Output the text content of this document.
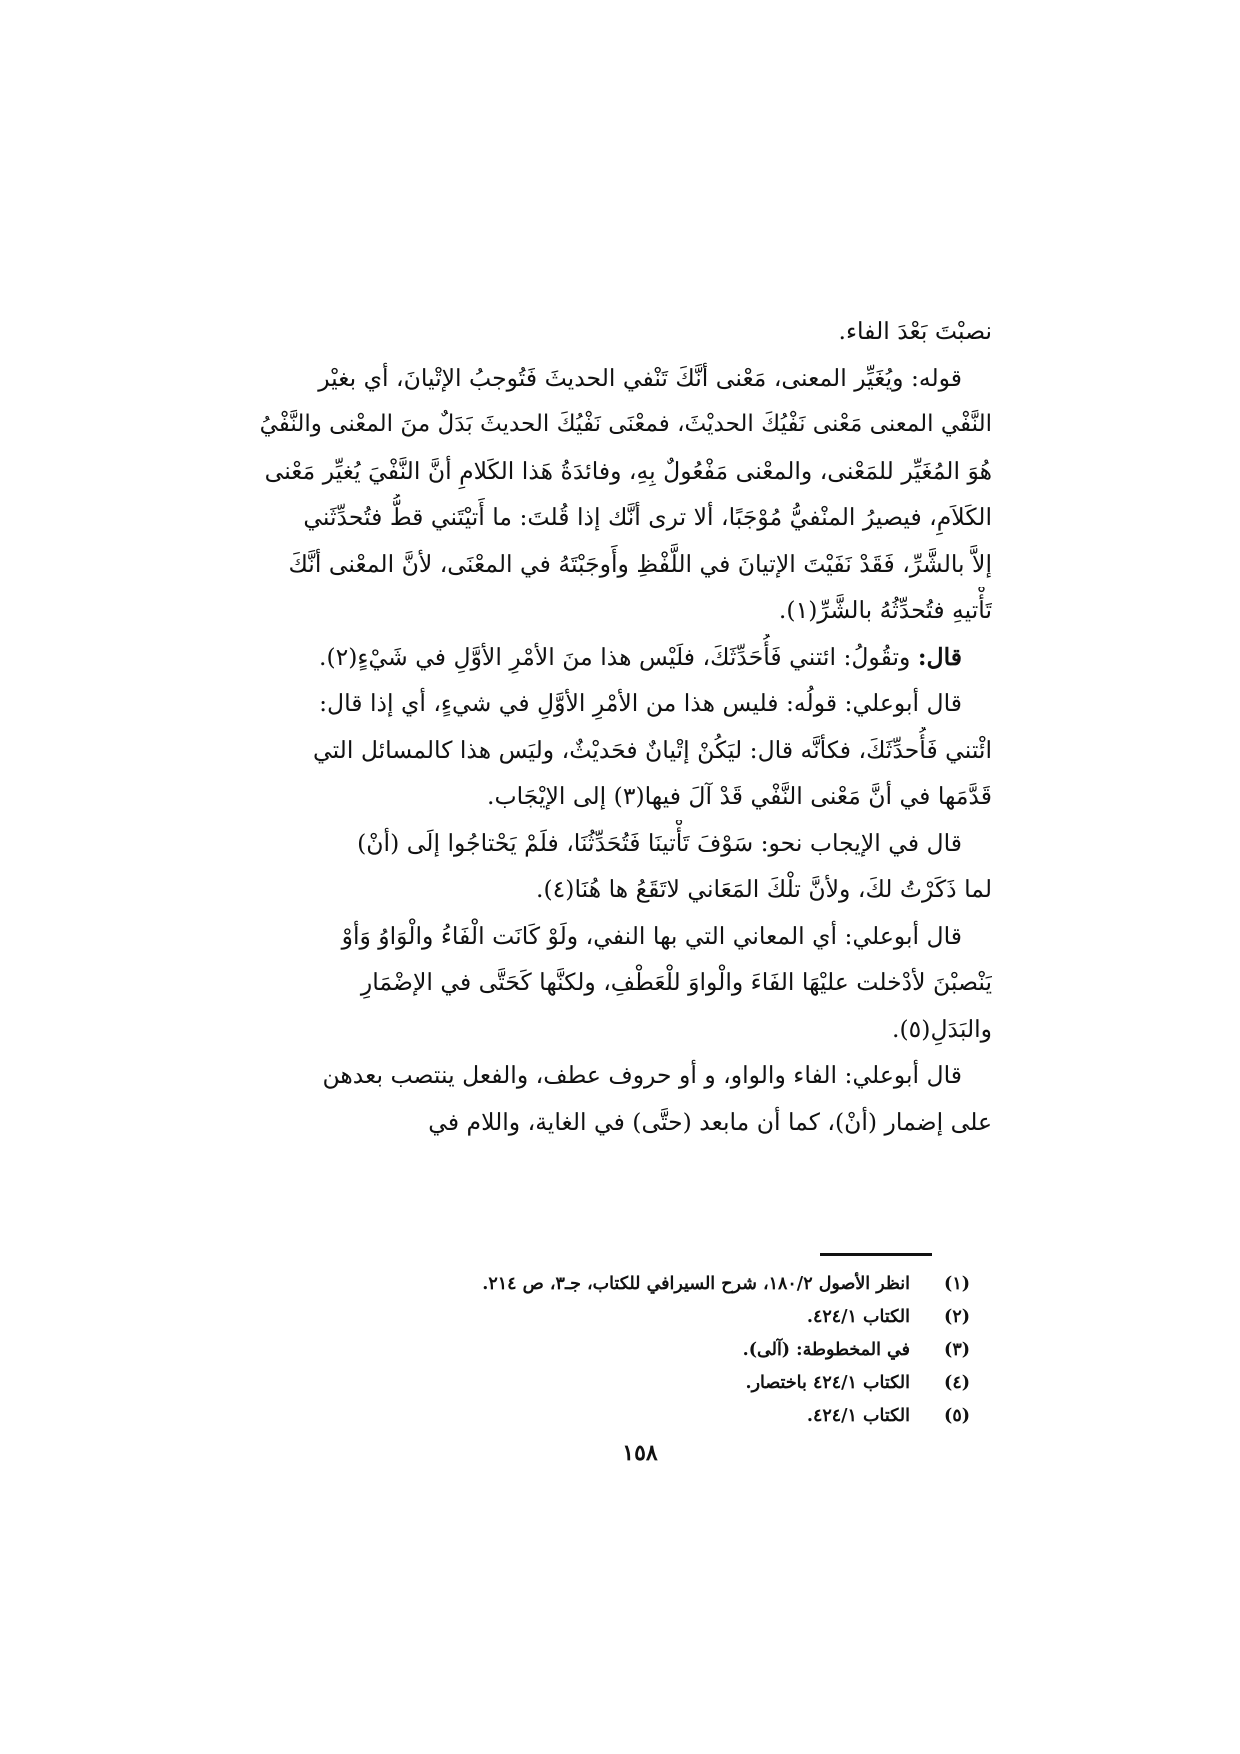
نصبْتَ بَعْدَ الفاء.
قوله: ويُغَيِّر المعنى، مَعْنى أنَّكَ تَنْفي الحديثَ فَتُوجبُ الإتْيانَ، أي بغيْر
النَّفْي المعنى مَعْنى نَفْيُكَ الحديْثَ، فمعْنَى نَفْيُكَ الحديثَ بَدَلٌ منَ المعْنى والنَّفْيُ
هُوَ المُغَيِّر للمَعْنى، والمعْنى مَفْعُولٌ بِهِ، وفائدَةُ هَذا الكَلامِ أنَّ النَّفْيَ يُغيِّر مَعْنى
الكَلاَمِ، فيصيرُ المنْفيُّ مُوْجَبًا، ألا ترى أنَّك إذا قُلتَ: ما أَتيْتَني قطُّ فتُحدِّثَني
إلاَّ بالشَّرِّ، فَقَدْ نَفَيْتَ الإتيانَ في اللَّفْظِ وأَوجَبْتَهُ في المعْنَى، لأنَّ المعْنى أنَّكَ
تَأْتيهِ فتُحدِّثُهُ بالشَّرِّ(١).
قال: وتقُولُ: ائتني فَأُحَدِّثَكَ، فلَيْس هذا منَ الأمْرِ الأوَّلِ في شَيْءٍ(٢).
قال أبوعلي: قولُه: فليس هذا من الأمْرِ الأوَّلِ في شيءٍ، أي إذا قال:
ائْتني فَأُحدِّثَكَ، فكأنَّه قال: ليَكُنْ إتْيانٌ فحَديْثٌ، وليَس هذا كالمسائل التي
قَدَّمَها في أنَّ مَعْنى النَّفْي قَدْ آلَ فيها(٣) إلى الإيْجَاب.
قال في الإيجاب نحو: سَوْفَ تَأْتينَا فَتُحَدِّثُنَا، فلَمْ يَحْتاجُوا إلَى (أنْ)
لما ذَكَرْتُ لكَ، ولأنَّ تلْكَ المَعَاني لاتَقَعُ ها هُنَا(٤).
قال أبوعلي: أي المعاني التي بها النفي، ولَوْ كَانَت الْفَاءُ والْوَاوُ وَأوْ
يَنْصبْنَ لأدْخلت عليْهَا الفَاءَ والْواوَ للْعَطْفِ، ولكنَّها كَحَتَّى في الإضْمَارِ
والبَدَلِ(٥).
قال أبوعلي: الفاء والواو، و أو حروف عطف، والفعل ينتصب بعدهن
على إضمار (أنْ)، كما أن مابعد (حتَّى) في الغاية، واللام في
(١)
انظر الأصول ١٨٠/٢، شرح السيرافي للكتاب، جـ٣، ص ٢١٤.
(٢)
الكتاب ٤٢٤/١.
(٣)
في المخطوطة: (آلى).
(٤)
الكتاب ٤٢٤/١ باختصار.
(٥)
الكتاب ٤٢٤/١.
١٥٨
